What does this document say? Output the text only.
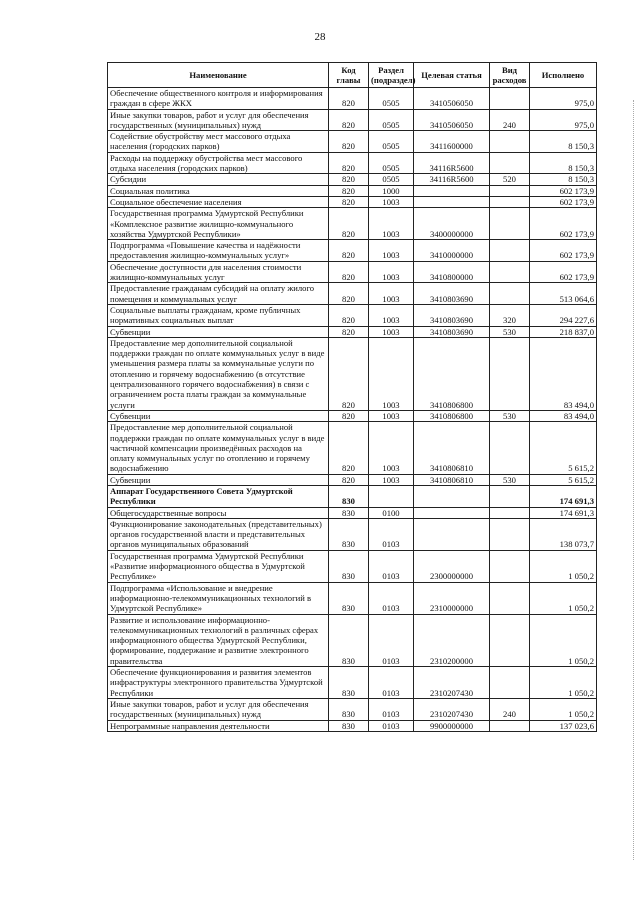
28
Наименование	Код главы	Раздел (подраздел)	Целевая статья	Вид расходов	Исполнено
Обеспечение общественного контроля и информирования граждан в сфере ЖКХ	820	0505	3410506050		975,0
Иные закупки товаров, работ и услуг для обеспечения государственных (муниципальных) нужд	820	0505	3410506050	240	975,0
Содействие обустройству мест массового отдыха населения (городских парков)	820	0505	3411600000		8 150,3
Расходы на поддержку обустройства мест массового отдыха населения (городских парков)	820	0505	34116R5600		8 150,3
Субсидии	820	0505	34116R5600	520	8 150,3
Социальная политика	820	1000			602 173,9
Социальное обеспечение населения	820	1003			602 173,9
Государственная программа Удмуртской Республики «Комплексное развитие жилищно-коммунального хозяйства Удмуртской Республики»	820	1003	3400000000		602 173,9
Подпрограмма «Повышение качества и надёжности предоставления жилищно-коммунальных услуг»	820	1003	3410000000		602 173,9
Обеспечение доступности для населения стоимости жилищно-коммунальных услуг	820	1003	3410800000		602 173,9
Предоставление гражданам субсидий на оплату жилого помещения и коммунальных услуг	820	1003	3410803690		513 064,6
Социальные выплаты гражданам, кроме публичных нормативных социальных выплат	820	1003	3410803690	320	294 227,6
Субвенции	820	1003	3410803690	530	218 837,0
Предоставление мер дополнительной социальной поддержки граждан по оплате коммунальных услуг в виде уменьшения размера платы за коммунальные услуги по отоплению и горячему водоснабжению (в отсутствие централизованного горячего водоснабжения) в связи с ограничением роста платы граждан за коммунальные услуги	820	1003	3410806800		83 494,0
Субвенции	820	1003	3410806800	530	83 494,0
Предоставление мер дополнительной социальной поддержки граждан по оплате коммунальных услуг в виде частичной компенсации произведённых расходов на оплату коммунальных услуг по отоплению и горячему водоснабжению	820	1003	3410806810		5 615,2
Субвенции	820	1003	3410806810	530	5 615,2
Аппарат Государственного Совета Удмуртской Республики	830				174 691,3
Общегосударственные вопросы	830	0100			174 691,3
Функционирование законодательных (представительных) органов государственной власти и представительных органов муниципальных образований	830	0103			138 073,7
Государственная программа Удмуртской Республики «Развитие информационного общества в Удмуртской Республике»	830	0103	2300000000		1 050,2
Подпрограмма «Использование и внедрение информационно-телекоммуникационных технологий в Удмуртской Республике»	830	0103	2310000000		1 050,2
Развитие и использование информационно-телекоммуникационных технологий в различных сферах информационного общества Удмуртской Республики, формирование, поддержание и развитие электронного правительства	830	0103	2310200000		1 050,2
Обеспечение функционирования и развития элементов инфраструктуры электронного правительства Удмуртской Республики	830	0103	2310207430		1 050,2
Иные закупки товаров, работ и услуг для обеспечения государственных (муниципальных) нужд	830	0103	2310207430	240	1 050,2
Непрограммные направления деятельности	830	0103	9900000000		137 023,6
